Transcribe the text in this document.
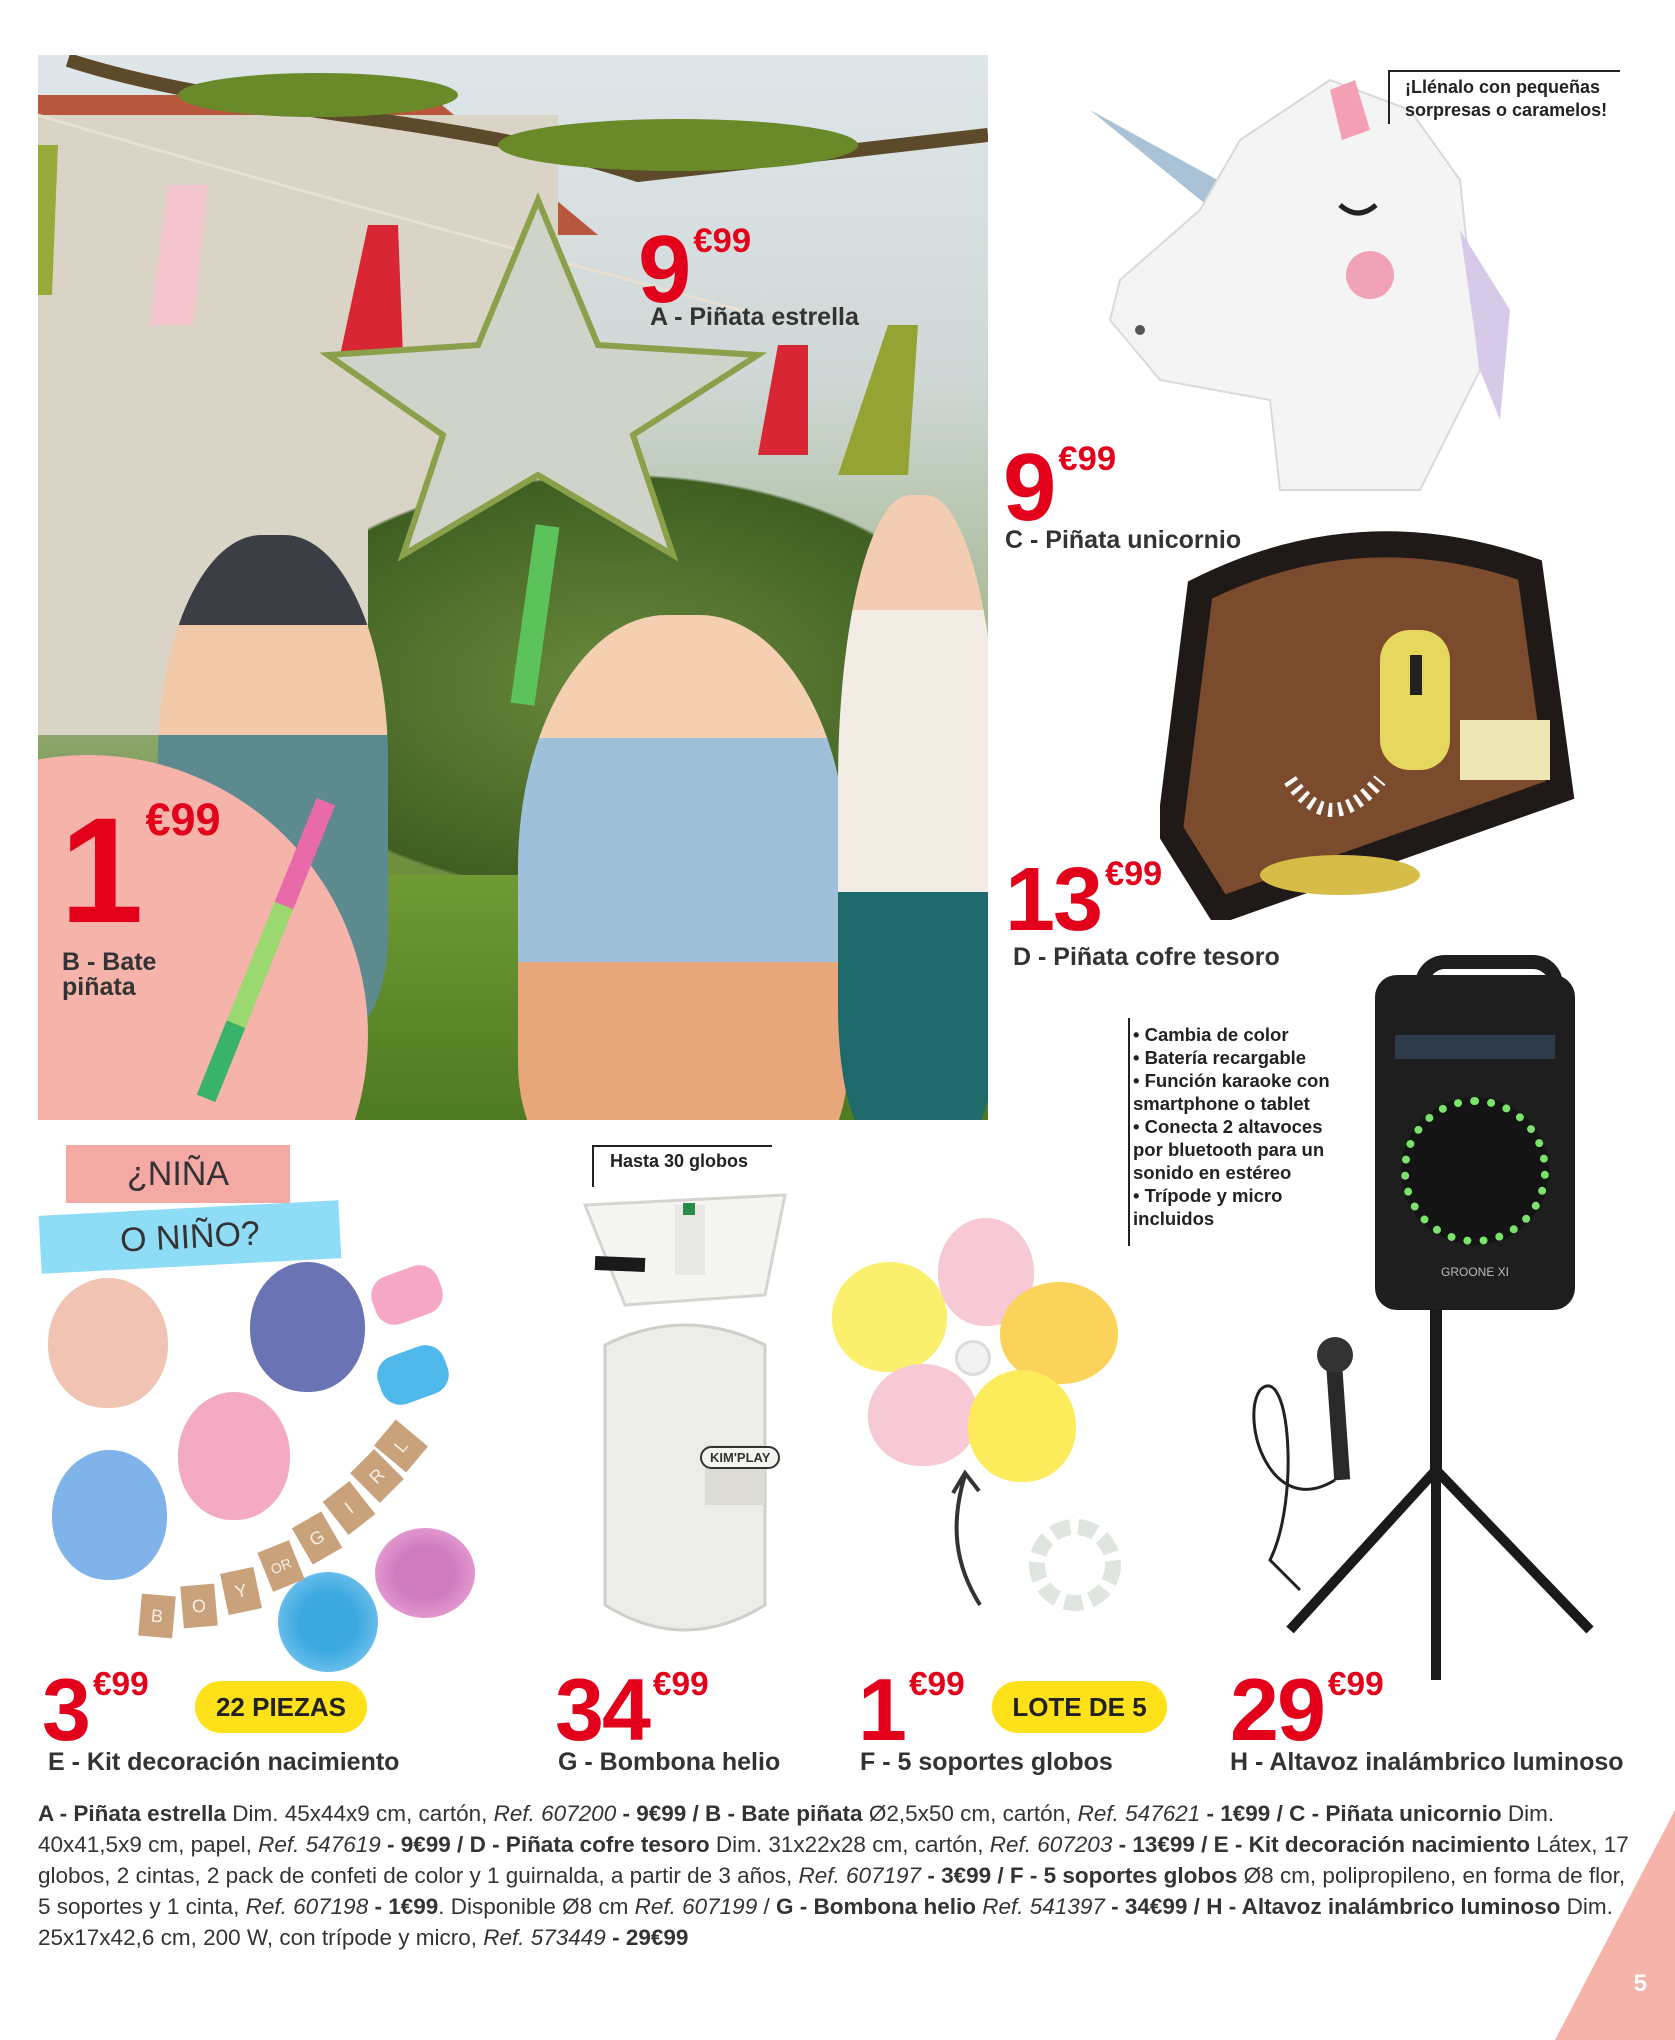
9 €99
A - Piñata estrella
1€99
B - Bate
piñata
¡Llénalo con pequeñas
sorpresas o caramelos!
9 €99
C - Piñata unicornio
13 €99
D - Piñata cofre tesoro
• Cambia de color
• Batería recargable
• Función karaoke con
smartphone o tablet
• Conecta 2 altavoces
por bluetooth para un
sonido en estéreo
• Trípode y micro
incluidos
GROONE XI
¿NIÑA
O NIÑO?
B	O
Y
OR
G
I
R
L
3 €99
22 PIEZAS
E - Kit decoración nacimiento
Hasta 30 globos
KIM'PLAY
34 €99
G - Bombona helio
1 €99
LOTE DE 5
F - 5 soportes globos
29 €99
H - Altavoz inalámbrico luminoso
A - Piñata estrella Dim. 45x44x9 cm, cartón, Ref. 607200 - 9€99 / B - Bate piñata Ø2,5x50 cm, cartón, Ref. 547621 - 1€99 / C - Piñata unicornio Dim. 40x41,5x9 cm, papel, Ref. 547619 - 9€99 / D - Piñata cofre tesoro Dim. 31x22x28 cm, cartón, Ref. 607203 - 13€99 / E - Kit decoración nacimiento Látex, 17 globos, 2 cintas, 2 pack de confeti de color y 1 guirnalda, a partir de 3 años, Ref. 607197 - 3€99 / F - 5 soportes globos Ø8 cm, polipropileno, en forma de flor, 5 soportes y 1 cinta, Ref. 607198 - 1€99. Disponible Ø8 cm Ref. 607199 / G - Bombona helio Ref. 541397 - 34€99 / H - Altavoz inalámbrico luminoso Dim. 25x17x42,6 cm, 200 W, con trípode y micro, Ref. 573449 - 29€99
5
